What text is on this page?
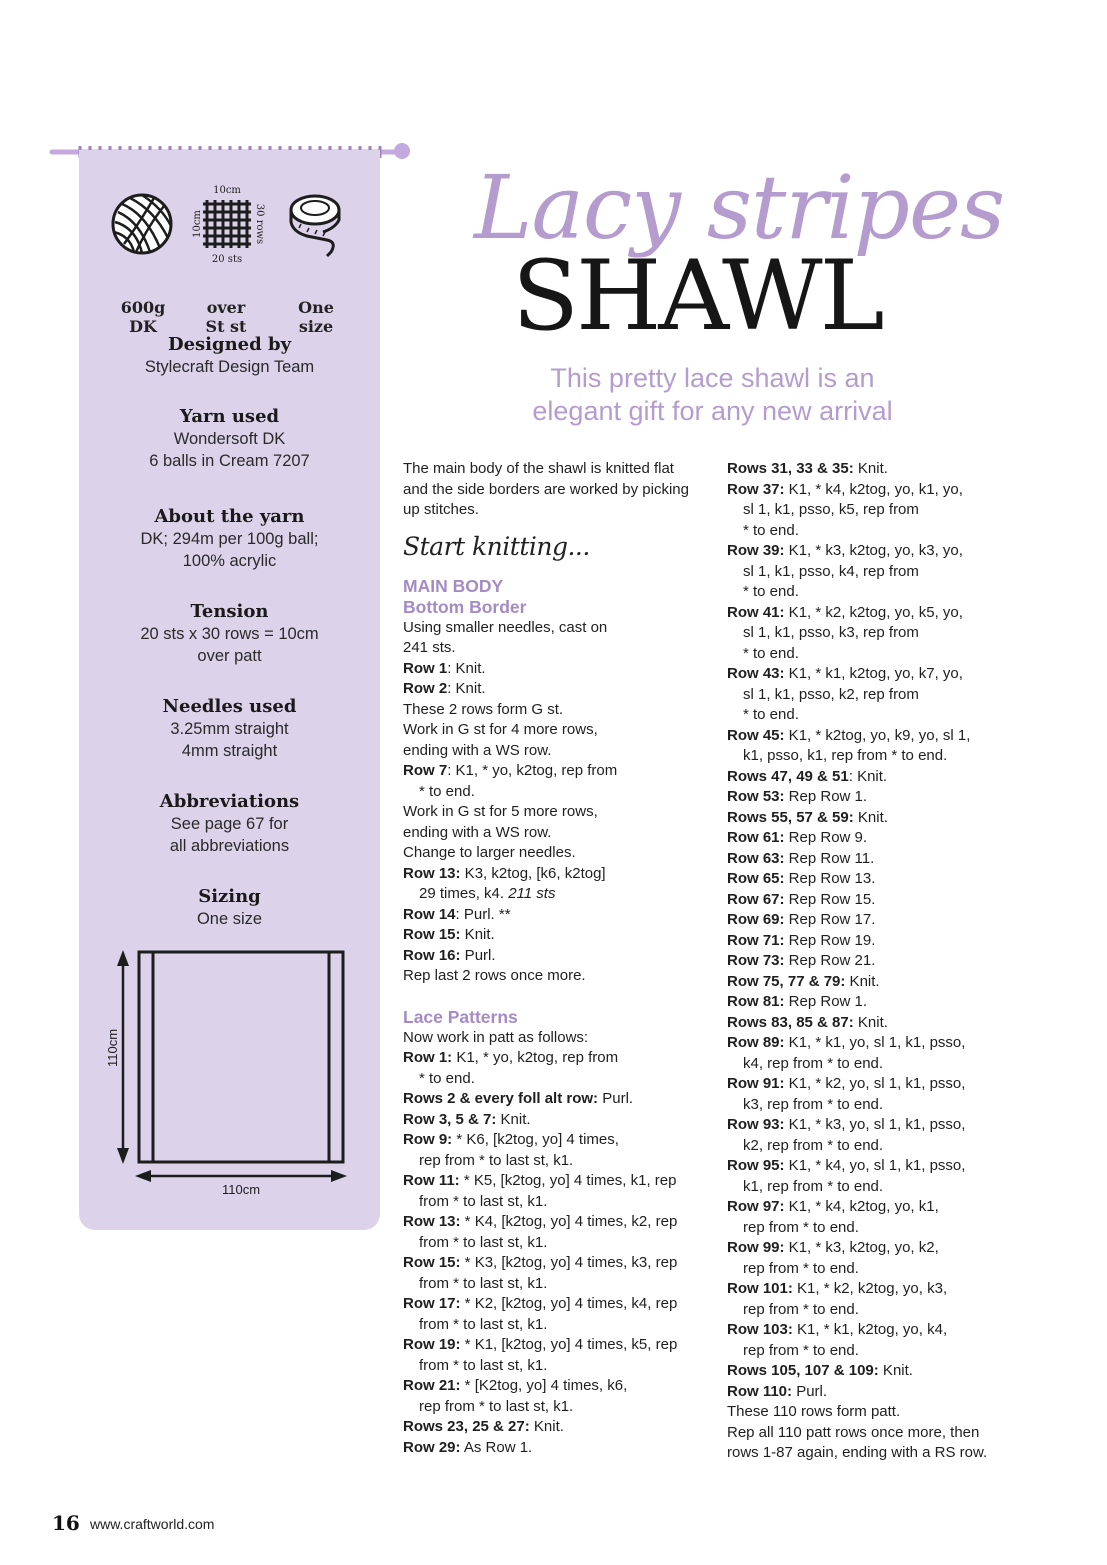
10cm
20 sts
10cm	30 rows
600g
DK
over
St st
One
size
Designed by
Stylecraft Design Team
Yarn used
Wondersoft DK
6 balls in Cream 7207
About the yarn
DK; 294m per 100g ball;
100% acrylic
Tension
20 sts x 30 rows = 10cm
over patt
Needles used
3.25mm straight
4mm straight
Abbreviations
See page 67 for
all abbreviations
Sizing
One size
110cm
110cm
Lacy stripes
SHAWL
This pretty lace shawl is an
elegant gift for any new arrival

The main body of the shawl is knitted flat

and the side borders are worked by picking

up stitches.

Start knitting...

MAIN BODY

Bottom Border

Using smaller needles, cast on

241 sts.

Row 1: Knit.

Row 2: Knit.

These 2 rows form G st.

Work in G st for 4 more rows,

ending with a WS row.

Row 7: K1, * yo, k2tog, rep from

* to end.

Work in G st for 5 more rows,

ending with a WS row.

Change to larger needles.

Row 13: K3, k2tog, [k6, k2tog]

29 times, k4. 211 sts

Row 14: Purl. **

Row 15: Knit.

Row 16: Purl.

Rep last 2 rows once more.

Lace Patterns

Now work in patt as follows:

Row 1: K1, * yo, k2tog, rep from

* to end.

Rows 2 & every foll alt row: Purl.

Row 3, 5 & 7: Knit.

Row 9: * K6, [k2tog, yo] 4 times,

rep from * to last st, k1.

Row 11: * K5, [k2tog, yo] 4 times, k1, rep

from * to last st, k1.

Row 13: * K4, [k2tog, yo] 4 times, k2, rep

from * to last st, k1.

Row 15: * K3, [k2tog, yo] 4 times, k3, rep

from * to last st, k1.

Row 17: * K2, [k2tog, yo] 4 times, k4, rep

from * to last st, k1.

Row 19: * K1, [k2tog, yo] 4 times, k5, rep

from * to last st, k1.

Row 21: * [K2tog, yo] 4 times, k6,

rep from * to last st, k1.

Rows 23, 25 & 27: Knit.

Row 29: As Row 1.

Rows 31, 33 & 35: Knit.

Row 37: K1, * k4, k2tog, yo, k1, yo,

sl 1, k1, psso, k5, rep from

* to end.

Row 39: K1, * k3, k2tog, yo, k3, yo,

sl 1, k1, psso, k4, rep from

* to end.

Row 41: K1, * k2, k2tog, yo, k5, yo,

sl 1, k1, psso, k3, rep from

* to end.

Row 43: K1, * k1, k2tog, yo, k7, yo,

sl 1, k1, psso, k2, rep from

* to end.

Row 45: K1, * k2tog, yo, k9, yo, sl 1,

k1, psso, k1, rep from * to end.

Rows 47, 49 & 51: Knit.

Row 53: Rep Row 1.

Rows 55, 57 & 59: Knit.

Row 61: Rep Row 9.

Row 63: Rep Row 11.

Row 65: Rep Row 13.

Row 67: Rep Row 15.

Row 69: Rep Row 17.

Row 71: Rep Row 19.

Row 73: Rep Row 21.

Row 75, 77 & 79: Knit.

Row 81: Rep Row 1.

Rows 83, 85 & 87: Knit.

Row 89: K1, * k1, yo, sl 1, k1, psso,

k4, rep from * to end.

Row 91: K1, * k2, yo, sl 1, k1, psso,

k3, rep from * to end.

Row 93: K1, * k3, yo, sl 1, k1, psso,

k2, rep from * to end.

Row 95: K1, * k4, yo, sl 1, k1, psso,

k1, rep from * to end.

Row 97: K1, * k4, k2tog, yo, k1,

rep from * to end.

Row 99: K1, * k3, k2tog, yo, k2,

rep from * to end.

Row 101: K1, * k2, k2tog, yo, k3,

rep from * to end.

Row 103: K1, * k1, k2tog, yo, k4,

rep from * to end.

Rows 105, 107 & 109: Knit.

Row 110: Purl.

These 110 rows form patt.

Rep all 110 patt rows once more, then

rows 1-87 again, ending with a RS row.

16 www.craftworld.com
